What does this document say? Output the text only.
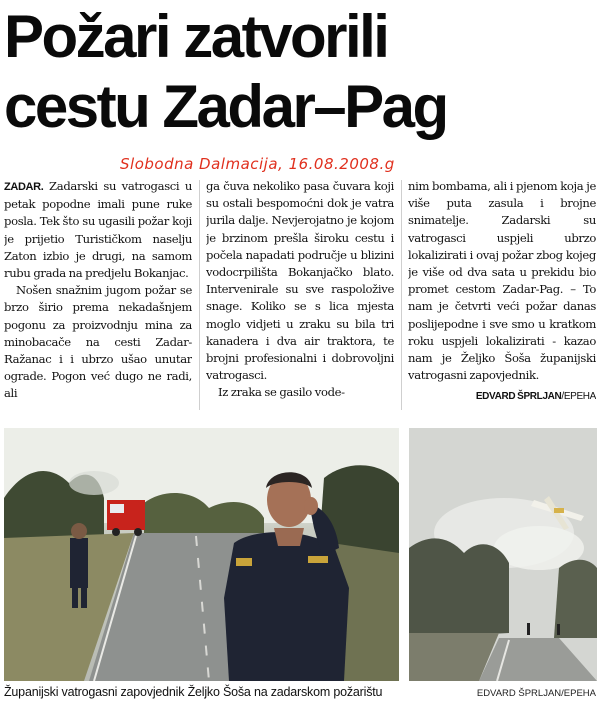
Požari zatvorili
cestu Zadar–Pag
Slobodna Dalmacija, 16.08.2008.g

ZADAR. Zadarski su vatrogasci u petak popodne imali pune ruke posla. Tek što su ugasili požar koji je prijetio Turističkom naselju Zaton izbio je drugi, na samom rubu grada na predjelu Bokanjac.

Nošen snažnim jugom požar se brzo širio prema nekadašnjem pogonu za proizvodnju mina za minobacače na cesti Zadar- Ražanac i i ubrzo ušao unutar ograde. Pogon već dugo ne radi, ali

ga čuva nekoliko pasa čuvara koji su ostali bespomoćni dok je vatra jurila dalje. Nevjerojatno je kojom je brzinom prešla široku cestu i počela napadati područje u blizini vodocrpilišta Bokanjačko blato. Intervenirale su sve raspoložive snage. Koliko se s lica mjesta moglo vidjeti u zraku su bila tri kanadera i dva air traktora, te brojni profesionalni i dobrovoljni vatrogasci.

Iz zraka se gasilo vode-

nim bombama, ali i pjenom koja je više puta zasula i brojne snimateljе. Zadarski su vatrogasci uspjeli ubrzo lokalizirati i ovaj požar zbog kojeg je više od dva sata u prekidu bio promet cestom Zadar-Pag. – To nam je četvrti veći požar danas poslijepodne i sve smo u kratkom roku uspjeli lokalizirati - kazao nam je Željko Šoša županijski vatrogasni zapovjednik.

EDVARD ŠPRLJAN/EPEHA

Županijski vatrogasni zapovjednik Željko Šoša na zadarskom požarištu	EDVARD ŠPRLJAN/EPEHA
